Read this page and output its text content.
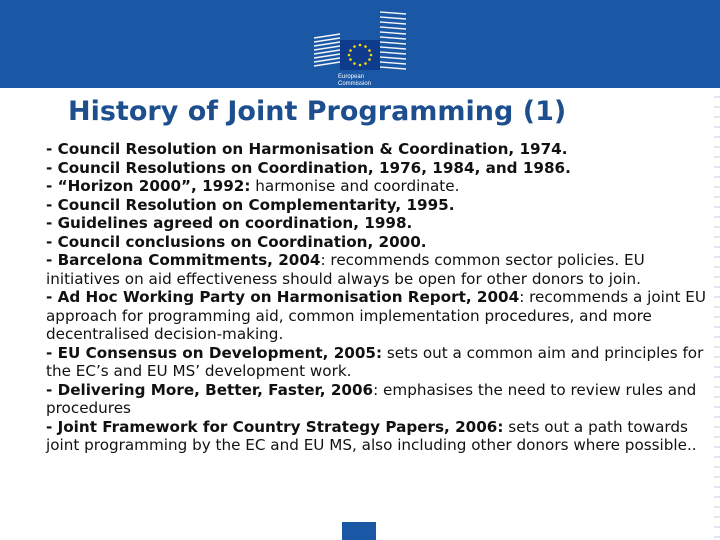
European
Commission
History of Joint Programming (1)

- Council Resolution on Harmonisation & Coordination, 1974.

- Council Resolutions on Coordination, 1976, 1984, and 1986.

- “Horizon 2000”, 1992: harmonise and coordinate.

- Council Resolution on Complementarity, 1995.

- Guidelines agreed on coordination, 1998.

- Council conclusions on Coordination, 2000.

- Barcelona Commitments, 2004: recommends common sector policies. EU initiatives on aid effectiveness should always be open for other donors to join.

- Ad Hoc Working Party on Harmonisation Report, 2004: recommends a joint EU approach for programming aid, common implementation procedures, and more decentralised decision-making.

- EU Consensus on Development, 2005: sets out a common aim and principles for the EC’s and EU MS’ development work.

- Delivering More, Better, Faster, 2006: emphasises the need to review rules and procedures

- Joint Framework for Country Strategy Papers, 2006: sets out a path towards joint programming by the EC and EU MS, also including other donors where possible..
